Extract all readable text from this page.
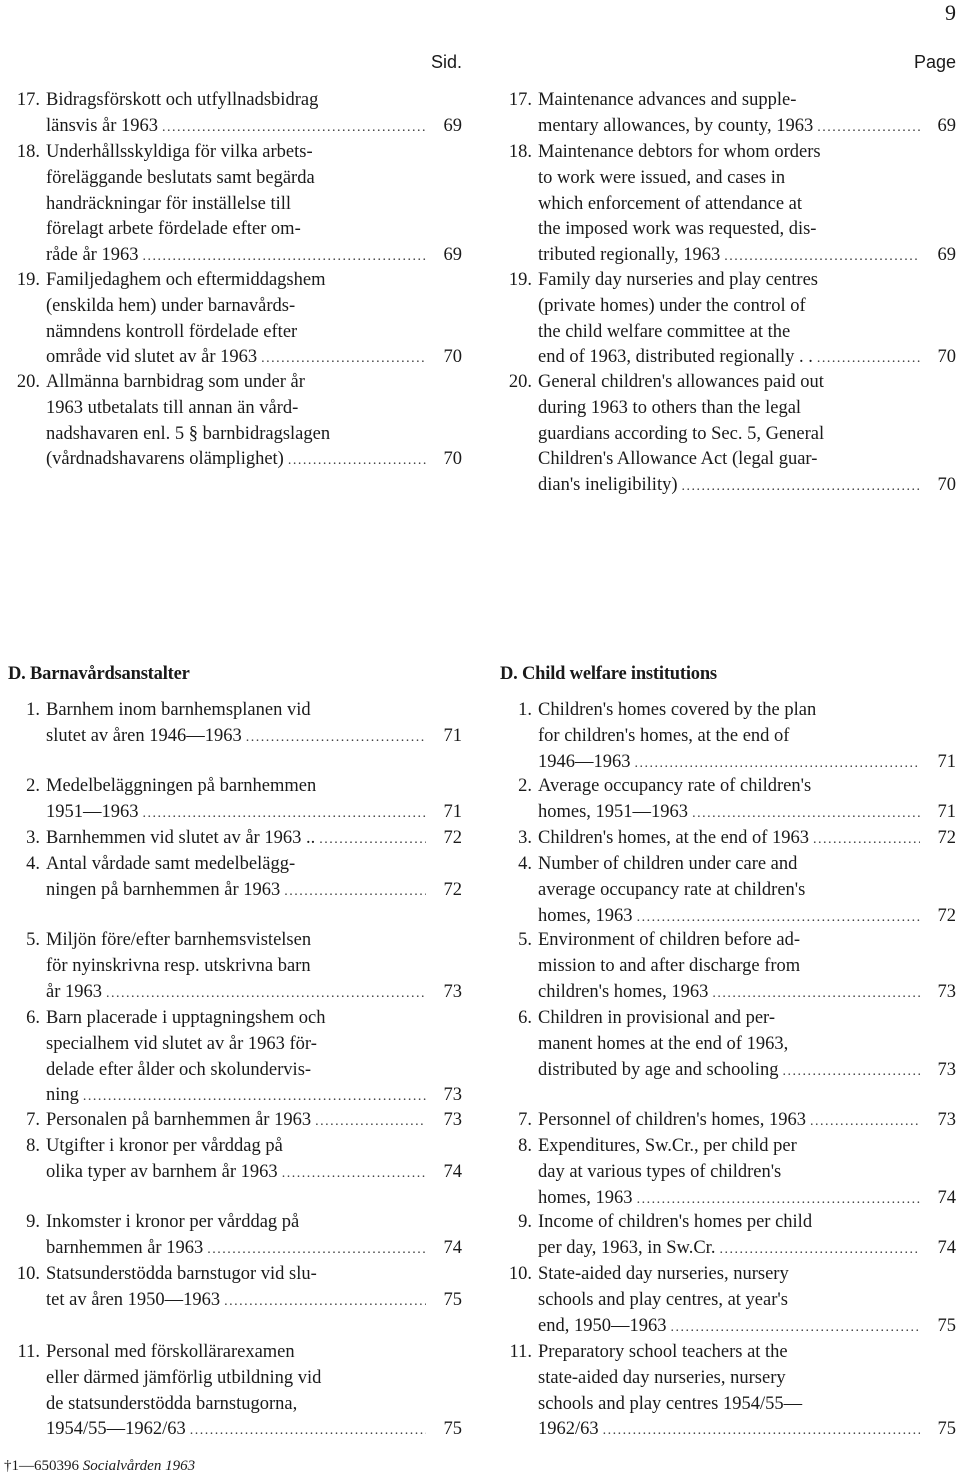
9
Sid.
17. Bidragsförskott och utfyllnadsbidrag
länsvis år 1963 . . .	69
18. Underhållsskyldiga för vilka arbets-
föreläggande beslutats samt begärda
handräckningar för inställelse till
förelagt arbete fördelade efter om-
råde år 1963 . . .	69
19. Familjedaghem och eftermiddagshem
(enskilda hem) under barnavårds-
nämndens kontroll fördelade efter
område vid slutet av år 1963 . . .	70
20. Allmänna barnbidrag som under år
1963 utbetalats till annan än vård-
nadshavaren enl. 5 § barnbidragslagen
(vårdnadshavarens olämplighet) . . .	70
D. Barnavårdsanstalter
1. Barnhem inom barnhemsplanen vid
slutet av åren 1946—1963 . . .	71
2. Medelbeläggningen på barnhemmen
1951—1963 . . .	71
3. Barnhemmen vid slutet av år 1963 .. . . .	72
4. Antal vårdade samt medelbelägg-
ningen på barnhemmen år 1963 . . .	72
5. Miljön före/efter barnhemsvistelsen
för nyinskrivna resp. utskrivna barn
år 1963 . . .	73
6. Barn placerade i upptagningshem och
specialhem vid slutet av år 1963 för-
delade efter ålder och skolundervis-
ning . . .	73
7. Personalen på barnhemmen år 1963 . . .	73
8. Utgifter i kronor per vårddag på
olika typer av barnhem år 1963 . . .	74
9. Inkomster i kronor per vårddag på
barnhemmen år 1963 . . .	74
10. Statsunderstödda barnstugor vid slu-
tet av åren 1950—1963 . . .	75
11. Personal med förskollärarexamen
eller därmed jämförlig utbildning vid
de statsunderstödda barnstugorna,
1954/55—1962/63 . . .	75
Page
17. Maintenance advances and supple-
mentary allowances, by county, 1963 . . .	69
18. Maintenance debtors for whom orders
to work were issued, and cases in
which enforcement of attendance at
the imposed work was requested, dis-
tributed regionally, 1963 . . .	69
19. Family day nurseries and play centres
(private homes) under the control of
the child welfare committee at the
end of 1963, distributed regionally . . . . .	70
20. General children's allowances paid out
during 1963 to others than the legal
guardians according to Sec. 5, General
Children's Allowance Act (legal guar-
dian's ineligibility) . . .	70
D. Child welfare institutions
1. Children's homes covered by the plan
for children's homes, at the end of
1946—1963 . . .	71
2. Average occupancy rate of children's
homes, 1951—1963 . . .	71
3. Children's homes, at the end of 1963 . . .	72
4. Number of children under care and
average occupancy rate at children's
homes, 1963 . . .	72
5. Environment of children before ad-
mission to and after discharge from
children's homes, 1963 . . .	73
6. Children in provisional and per-
manent homes at the end of 1963,
distributed by age and schooling . . .	73
7. Personnel of children's homes, 1963 . . .	73
8. Expenditures, Sw.Cr., per child per
day at various types of children's
homes, 1963 . . .	74
9. Income of children's homes per child
per day, 1963, in Sw.Cr. . . .	74
10. State-aided day nurseries, nursery
schools and play centres, at year's
end, 1950—1963 . . .	75
11. Preparatory school teachers at the
state-aided day nurseries, nursery
schools and play centres 1954/55—
1962/63 . . .	75
†1—650396 Socialvården 1963
